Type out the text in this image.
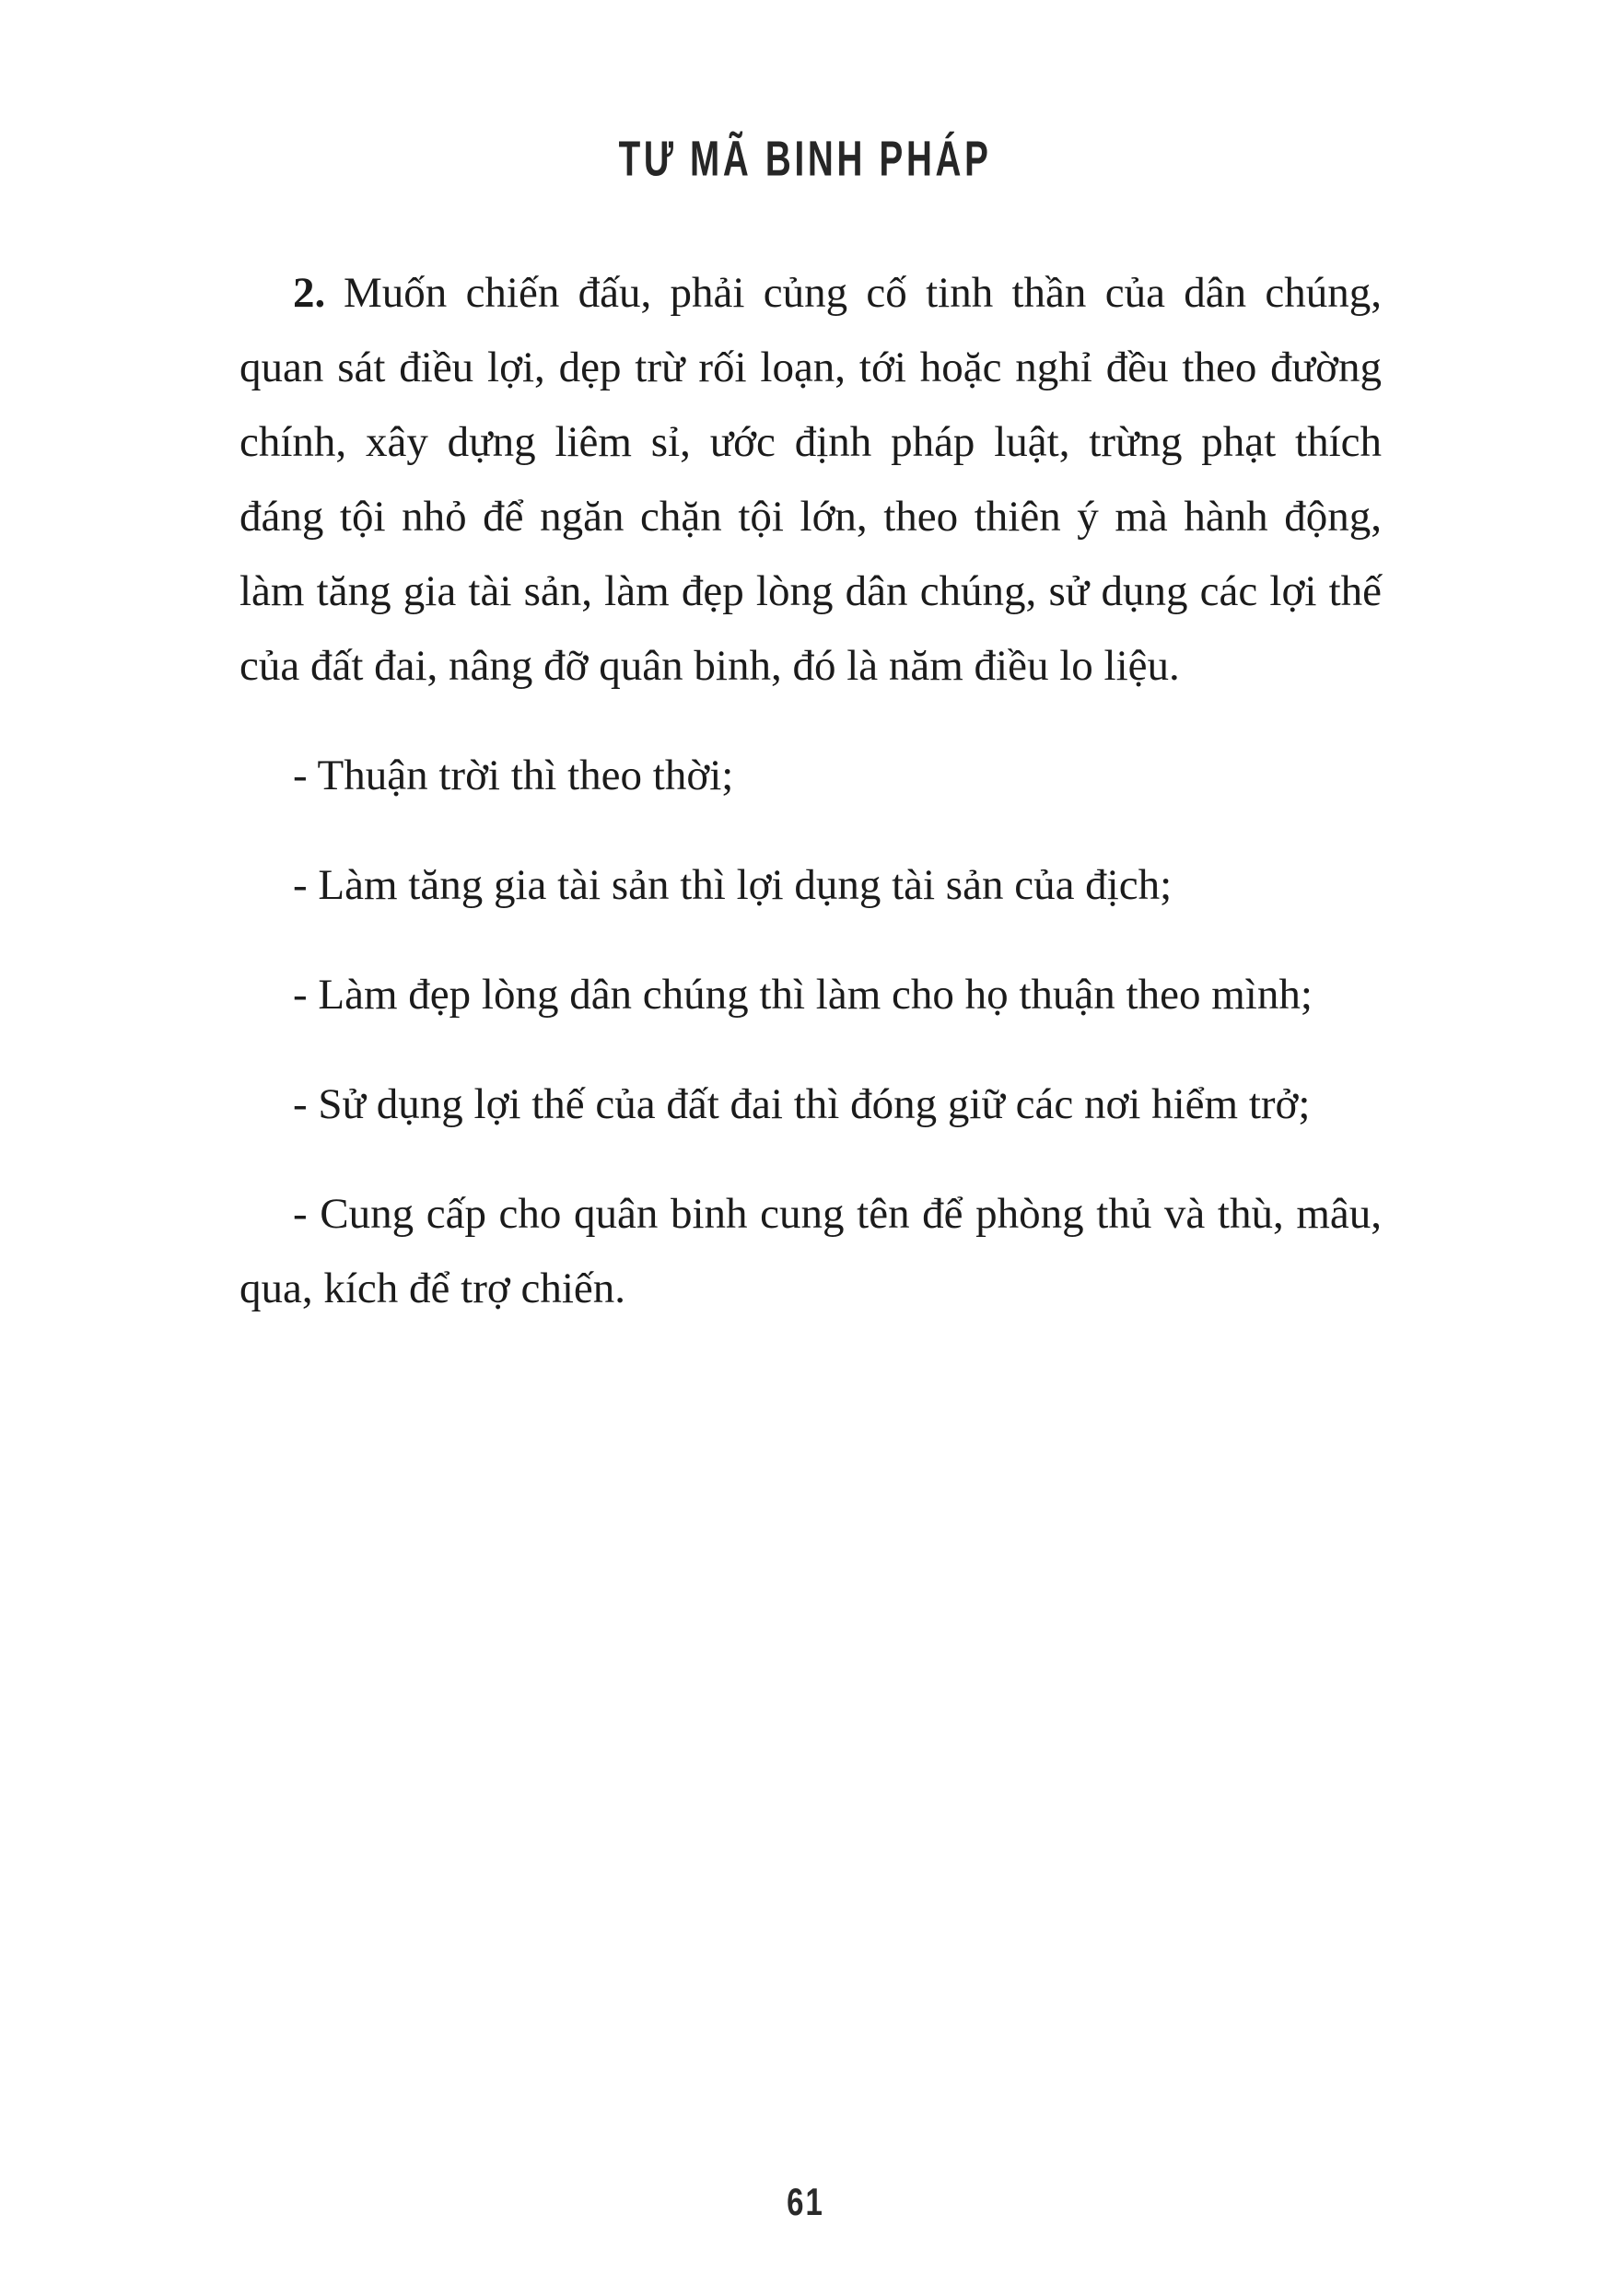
TƯ MÃ BINH PHÁP

2. Muốn chiến đấu, phải củng cố tinh thần của dân chúng, quan sát điều lợi, dẹp trừ rối loạn, tới hoặc nghỉ đều theo đường chính, xây dựng liêm sỉ, ước định pháp luật, trừng phạt thích đáng tội nhỏ để ngăn chặn tội lớn, theo thiên ý mà hành động, làm tăng gia tài sản, làm đẹp lòng dân chúng, sử dụng các lợi thế của đất đai, nâng đỡ quân binh, đó là năm điều lo liệu.

- Thuận trời thì theo thời;

- Làm tăng gia tài sản thì lợi dụng tài sản của địch;

- Làm đẹp lòng dân chúng thì làm cho họ thuận theo mình;

- Sử dụng lợi thế của đất đai thì đóng giữ các nơi hiểm trở;

- Cung cấp cho quân binh cung tên để phòng thủ và thù, mâu, qua, kích để trợ chiến.

61
